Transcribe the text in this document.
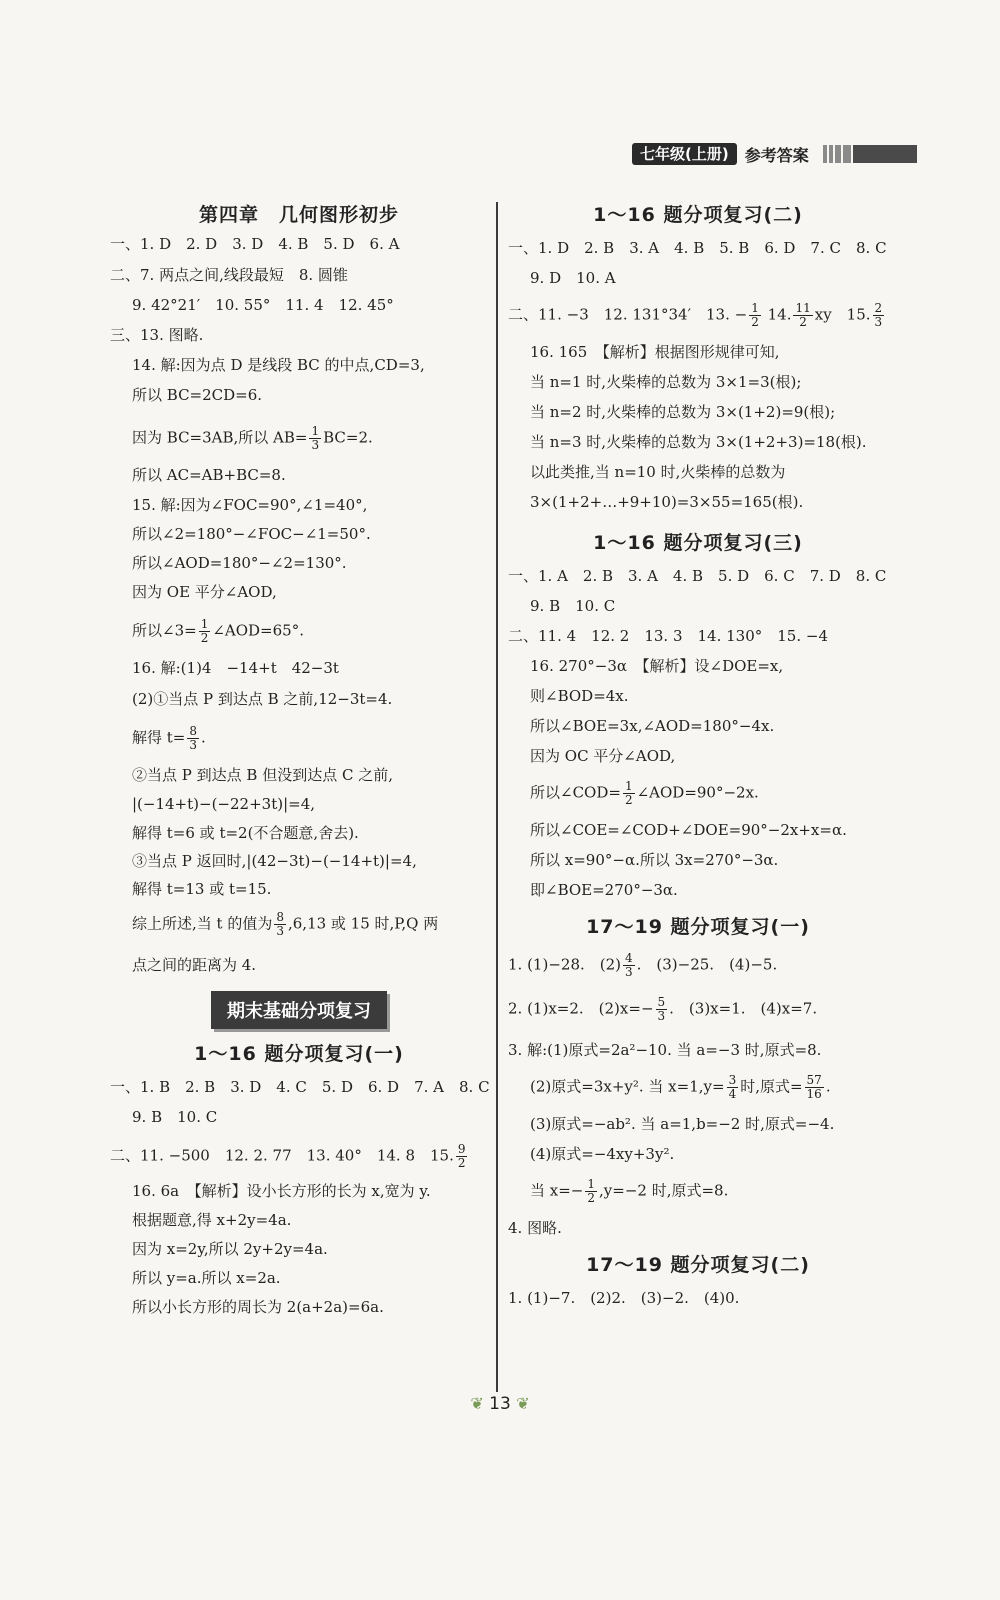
七年级(上册)	参考答案
第四章　几何图形初步
一、1. D　2. D　3. D　4. B　5. D　6. A
二、7. 两点之间,线段最短　8. 圆锥
9. 42°21′　10. 55°　11. 4　12. 45°
三、13. 图略.
14. 解:因为点 D 是线段 BC 的中点,CD=3,
所以 BC=2CD=6.
因为 BC=3AB,所以 $AB= \frac{1}{3} BC=2$.
所以 AC=AB+BC=8.
15. 解:因为∠FOC=90°,∠1=40°,
所以∠2=180°−∠FOC−∠1=50°.
所以∠AOD=180°−∠2=130°.
因为 OE 平分∠AOD,
所以∠3= $\frac{1}{2}$ ∠AOD=65°.
16. 解:(1)4　−14+t　42−3t
(2)①当点 P 到达点 B 之前,12−3t=4.
解得 $t= \frac{8}{3}$ .
②当点 P 到达点 B 但没到达点 C 之前,
|(−14+t)−(−22+3t)|=4,
解得 t=6 或 t=2(不合题意,舍去).
③当点 P 返回时,|(42−3t)−(−14+t)|=4,
解得 t=13 或 t=15.
综上所述,当 t 的值为 $\frac{8}{3} ,6,13$ 或 15 时,P,Q 两
点之间的距离为 4.
期末基础分项复习
1～16 题分项复习(一)
一、1. B　2. B　3. D　4. C　5. D　6. D　7. A　8. C
9. B　10. C
二、11. −500　12. 2. 77　13. 40°　14. 8　15. $\frac{9}{2}$
16. 6a　【解析】设小长方形的长为 x,宽为 y.
根据题意,得 x+2y=4a.
因为 x=2y,所以 2y+2y=4a.
所以 y=a.所以 x=2a.
所以小长方形的周长为 2(a+2a)=6a.
1～16 题分项复习(二)
一、1. D　2. B　3. A　4. B　5. B　6. D　7. C　8. C
9. D　10. A
二、11. −3　12. 131°34′　13. − $\frac{1}{2} 14$. $\frac{11}{2}$ xy　15. $\frac{2}{3}$
16. 165　【解析】根据图形规律可知,
当 n=1 时,火柴棒的总数为 3×1=3(根);
当 n=2 时,火柴棒的总数为 3×(1+2)=9(根);
当 n=3 时,火柴棒的总数为 3×(1+2+3)=18(根).
以此类推,当 n=10 时,火柴棒的总数为
3×(1+2+…+9+10)=3×55=165(根).
1～16 题分项复习(三)
一、1. A　2. B　3. A　4. B　5. D　6. C　7. D　8. C
9. B　10. C
二、11. 4　12. 2　13. 3　14. 130°　15. −4
16. 270°−3α　【解析】设∠DOE=x,
则∠BOD=4x.
所以∠BOE=3x,∠AOD=180°−4x.
因为 OC 平分∠AOD,
所以∠COD= $\frac{1}{2}$ ∠AOD=90°−2x.
所以∠COE=∠COD+∠DOE=90°−2x+x=α.
所以 x=90°−α.所以 3x=270°−3α.
即∠BOE=270°−3α.
17～19 题分项复习(一)
1. (1)−28.　$(2) \frac{4}{3}$ .　(3)−25.　(4)−5.
2. (1)x=2.　$(2)x=- \frac{5}{3}$ .　(3)x=1.　(4)x=7.
3. 解:(1)原式=2a²−10. 当 a=−3 时,原式=8.
(2)原式=3x+y². 当 $x=1,y= \frac{3}{4}$ 时,原式= $\frac{57}{16}$ .
(3)原式=−ab². 当 a=1,b=−2 时,原式=−4.
(4)原式=−4xy+3y².
当 $x=- \frac{1}{2} ,y=-2$ 时,原式=8.
4. 图略.
17～19 题分项复习(二)
1. (1)−7.　(2)2.　(3)−2.　(4)0.
❦ 13 ❦
